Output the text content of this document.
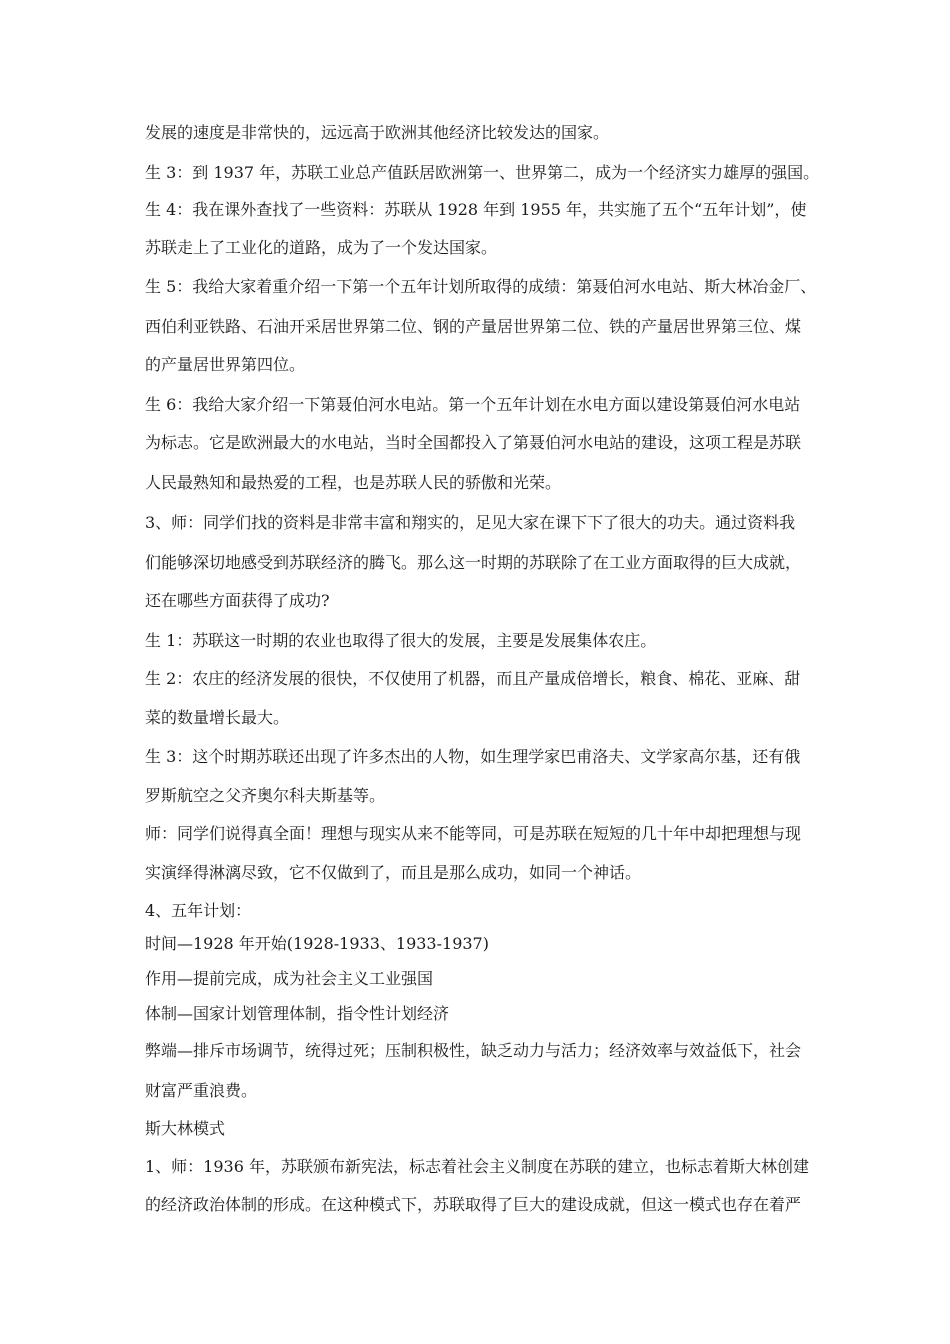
发展的速度是非常快的，远远高于欧洲其他经济比较发达的国家。
生 3：到 1937 年，苏联工业总产值跃居欧洲第一、世界第二，成为一个经济实力雄厚的强国。
生 4：我在课外查找了一些资料：苏联从 1928 年到 1955 年，共实施了五个“五年计划”，使
苏联走上了工业化的道路，成为了一个发达国家。
生 5：我给大家着重介绍一下第一个五年计划所取得的成绩：第聂伯河水电站、斯大林冶金厂、
西伯利亚铁路、石油开采居世界第二位、钢的产量居世界第二位、铁的产量居世界第三位、煤
的产量居世界第四位。
生 6：我给大家介绍一下第聂伯河水电站。第一个五年计划在水电方面以建设第聂伯河水电站
为标志。它是欧洲最大的水电站，当时全国都投入了第聂伯河水电站的建设，这项工程是苏联
人民最熟知和最热爱的工程，也是苏联人民的骄傲和光荣。
3、师：同学们找的资料是非常丰富和翔实的，足见大家在课下下了很大的功夫。通过资料我
们能够深切地感受到苏联经济的腾飞。那么这一时期的苏联除了在工业方面取得的巨大成就，
还在哪些方面获得了成功?
生 1：苏联这一时期的农业也取得了很大的发展，主要是发展集体农庄。
生 2：农庄的经济发展的很快，不仅使用了机器，而且产量成倍增长，粮食、棉花、亚麻、甜
菜的数量增长最大。
生 3：这个时期苏联还出现了许多杰出的人物，如生理学家巴甫洛夫、文学家高尔基，还有俄
罗斯航空之父齐奥尔科夫斯基等。
师：同学们说得真全面！理想与现实从来不能等同，可是苏联在短短的几十年中却把理想与现
实演绎得淋漓尽致，它不仅做到了，而且是那么成功，如同一个神话。
4、五年计划：
时间—1928 年开始(1928-1933、1933-1937)
作用—提前完成，成为社会主义工业强国
体制—国家计划管理体制，指令性计划经济
弊端—排斥市场调节，统得过死；压制积极性，缺乏动力与活力；经济效率与效益低下，社会
财富严重浪费。
斯大林模式
1、师：1936 年，苏联颁布新宪法，标志着社会主义制度在苏联的建立，也标志着斯大林创建
的经济政治体制的形成。在这种模式下，苏联取得了巨大的建设成就，但这一模式也存在着严
